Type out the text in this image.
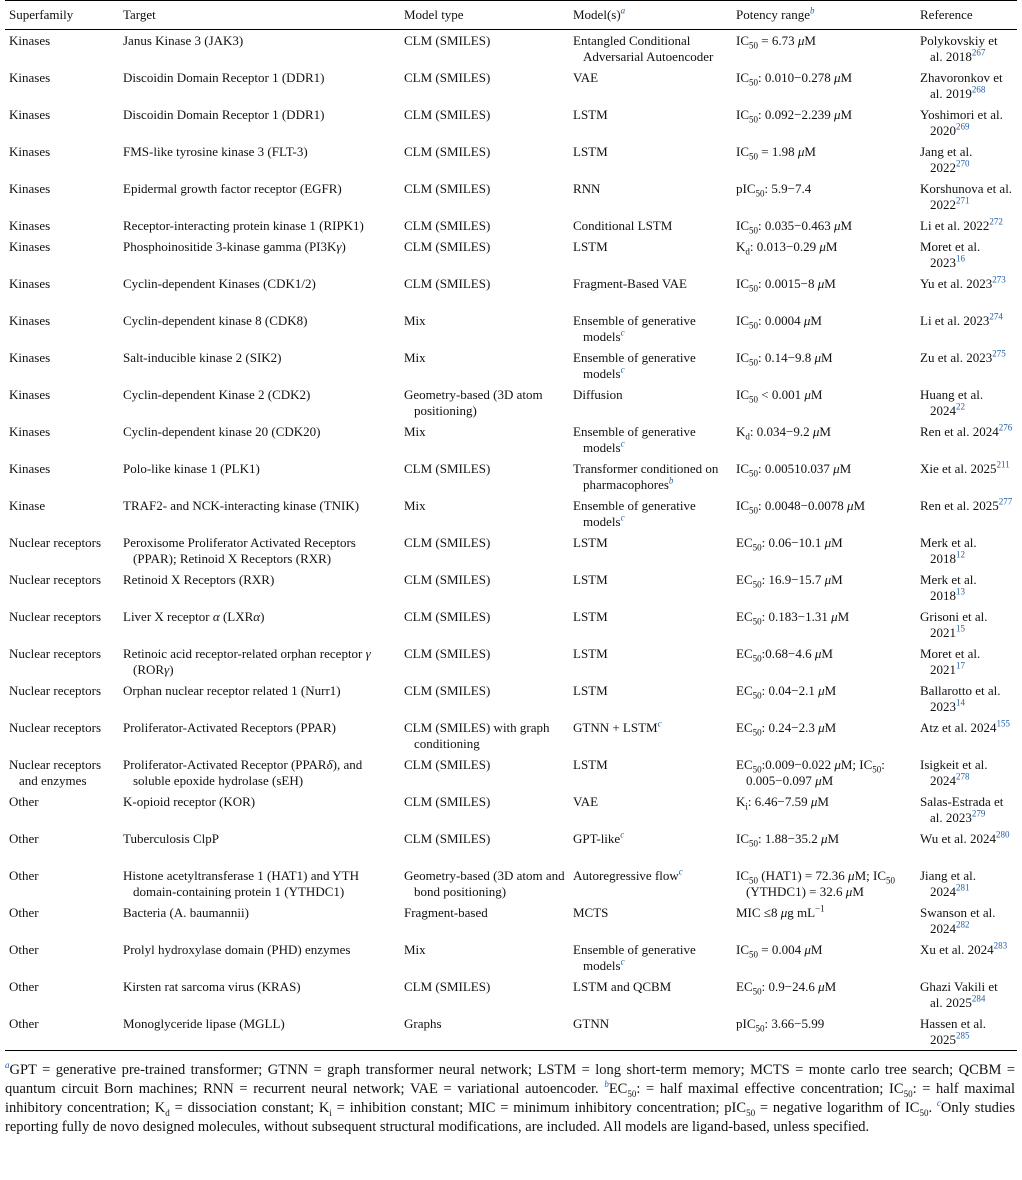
Superfamily	Target	Model type	Model(s)$^a$	Potency range$^b$	Reference

Kinases	Janus Kinase 3 (JAK3)	CLM (SMILES)	Entangled Conditional Adversarial Autoencoder	$IC_{50} = 6.73$ μM	Polykovskiy et al. 2018$^{267}$

Kinases	Discoidin Domain Receptor 1 (DDR1)	CLM (SMILES)	VAE	$IC_{50}$: 0.010−0.278 μM	Zhavoronkov et al. 2019$^{268}$

Kinases	Discoidin Domain Receptor 1 (DDR1)	CLM (SMILES)	LSTM	$IC_{50}$: 0.092−2.239 μM	Yoshimori et al. 2020$^{269}$

Kinases	FMS-like tyrosine kinase 3 (FLT-3)	CLM (SMILES)	LSTM	$IC_{50} = 1.98$ μM	Jang et al. 2022$^{270}$

Kinases	Epidermal growth factor receptor (EGFR)	CLM (SMILES)	RNN	pIC$_{50}$: 5.9−7.4	Korshunova et al. 2022$^{271}$

Kinases	Receptor-interacting protein kinase 1 (RIPK1)	CLM (SMILES)	Conditional LSTM	$IC_{50}$: 0.035−0.463 μM	Li et al. 2022$^{272}$

Kinases	Phosphoinositide 3-kinase gamma (PI3Kγ)	CLM (SMILES)	LSTM	$K_d$: 0.013−0.29 μM	Moret et al. 2023$^{16}$

Kinases	Cyclin-dependent Kinases (CDK1/2)	CLM (SMILES)	Fragment-Based VAE	$IC_{50}$: 0.0015−8 μM	Yu et al. 2023$^{273}$

Kinases	Cyclin-dependent kinase 8 (CDK8)	Mix	Ensemble of generative models$^c$	$IC_{50}$: 0.0004 μM	Li et al. 2023$^{274}$

Kinases	Salt-inducible kinase 2 (SIK2)	Mix	Ensemble of generative models$^c$	$IC_{50}$: 0.14−9.8 μM	Zu et al. 2023$^{275}$

Kinases	Cyclin-dependent Kinase 2 (CDK2)	Geometry-based (3D atom positioning)	Diffusion	$IC_{50} < 0.001$ μM	Huang et al. 2024$^{22}$

Kinases	Cyclin-dependent kinase 20 (CDK20)	Mix	Ensemble of generative models$^c$	$K_d$: 0.034−9.2 μM	Ren et al. 2024$^{276}$

Kinases	Polo-like kinase 1 (PLK1)	CLM (SMILES)	Transformer conditioned on pharmacophores$^b$	$IC_{50}$: 0.00510.037 μM	Xie et al. 2025$^{211}$

Kinase	TRAF2- and NCK-interacting kinase (TNIK)	Mix	Ensemble of generative models$^c$	$IC_{50}$: 0.0048−0.0078 μM	Ren et al. 2025$^{277}$

Nuclear receptors	Peroxisome Proliferator Activated Receptors (PPAR); Retinoid X Receptors (RXR)	CLM (SMILES)	LSTM	$EC_{50}$: 0.06−10.1 μM	Merk et al. 2018$^{12}$

Nuclear receptors	Retinoid X Receptors (RXR)	CLM (SMILES)	LSTM	$EC_{50}$: 16.9−15.7 μM	Merk et al. 2018$^{13}$

Nuclear receptors	Liver X receptor α (LXRα)	CLM (SMILES)	LSTM	$EC_{50}$: 0.183−1.31 μM	Grisoni et al. 2021$^{15}$

Nuclear receptors	Retinoic acid receptor-related orphan receptor γ (RORγ)	CLM (SMILES)	LSTM	$EC_{50}:0.68-4.6$ μM	Moret et al. 2021$^{17}$

Nuclear receptors	Orphan nuclear receptor related 1 (Nurr1)	CLM (SMILES)	LSTM	$EC_{50}$: 0.04−2.1 μM	Ballarotto et al. 2023$^{14}$

Nuclear receptors	Proliferator-Activated Receptors (PPAR)	CLM (SMILES) with graph conditioning	GTNN + LSTM$^c$	$EC_{50}$: 0.24−2.3 μM	Atz et al. 2024$^{155}$

Nuclear receptors and enzymes	Proliferator-Activated Receptor (PPARδ), and soluble epoxide hydrolase (sEH)	CLM (SMILES)	LSTM	$EC_{50}:0.009-0.022$ μM; $IC_{50}$: 0.005−0.097 μM	Isigkeit et al. 2024$^{278}$

Other	K-opioid receptor (KOR)	CLM (SMILES)	VAE	$K_i$: 6.46−7.59 μM	Salas-Estrada et al. 2023$^{279}$

Other	Tuberculosis ClpP	CLM (SMILES)	GPT-like$^c$	$IC_{50}$: 1.88−35.2 μM	Wu et al. 2024$^{280}$

Other	Histone acetyltransferase 1 (HAT1) and YTH domain-containing protein 1 (YTHDC1)	Geometry-based (3D atom and bond positioning)	Autoregressive flow$^c$	$IC_{50}$ (HAT1) = 72.36 μM; $IC_{50}$ (YTHDC1) = 32.6 μM	Jiang et al. 2024$^{281}$

Other	Bacteria (A. baumannii)	Fragment-based	MCTS	MIC ≤8 μg $mL^{-1}$	Swanson et al. 2024$^{282}$

Other	Prolyl hydroxylase domain (PHD) enzymes	Mix	Ensemble of generative models$^c$	$IC_{50} = 0.004$ μM	Xu et al. 2024$^{283}$

Other	Kirsten rat sarcoma virus (KRAS)	CLM (SMILES)	LSTM and QCBM	$EC_{50}$: 0.9−24.6 μM	Ghazi Vakili et al. 2025$^{284}$

Other	Monoglyceride lipase (MGLL)	Graphs	GTNN	pIC$_{50}$: 3.66−5.99	Hassen et al. 2025$^{285}$
$^a$GPT = generative pre-trained transformer; GTNN = graph transformer neural network; LSTM = long short-term memory; MCTS = monte carlo tree search; QCBM = quantum circuit Born machines; RNN = recurrent neural network; VAE = variational autoencoder. $^bEC_{50}$: = half maximal effective concentration; $IC_{50}$: = half maximal inhibitory concentration; $K_d$ = dissociation constant; $K_i$ = inhibition constant; MIC = minimum inhibitory concentration; pIC$_{50}$ = negative logarithm of $IC_{50}$. $^c$Only studies reporting fully de novo designed molecules, without subsequent structural modifications, are included. All models are ligand-based, unless specified.
